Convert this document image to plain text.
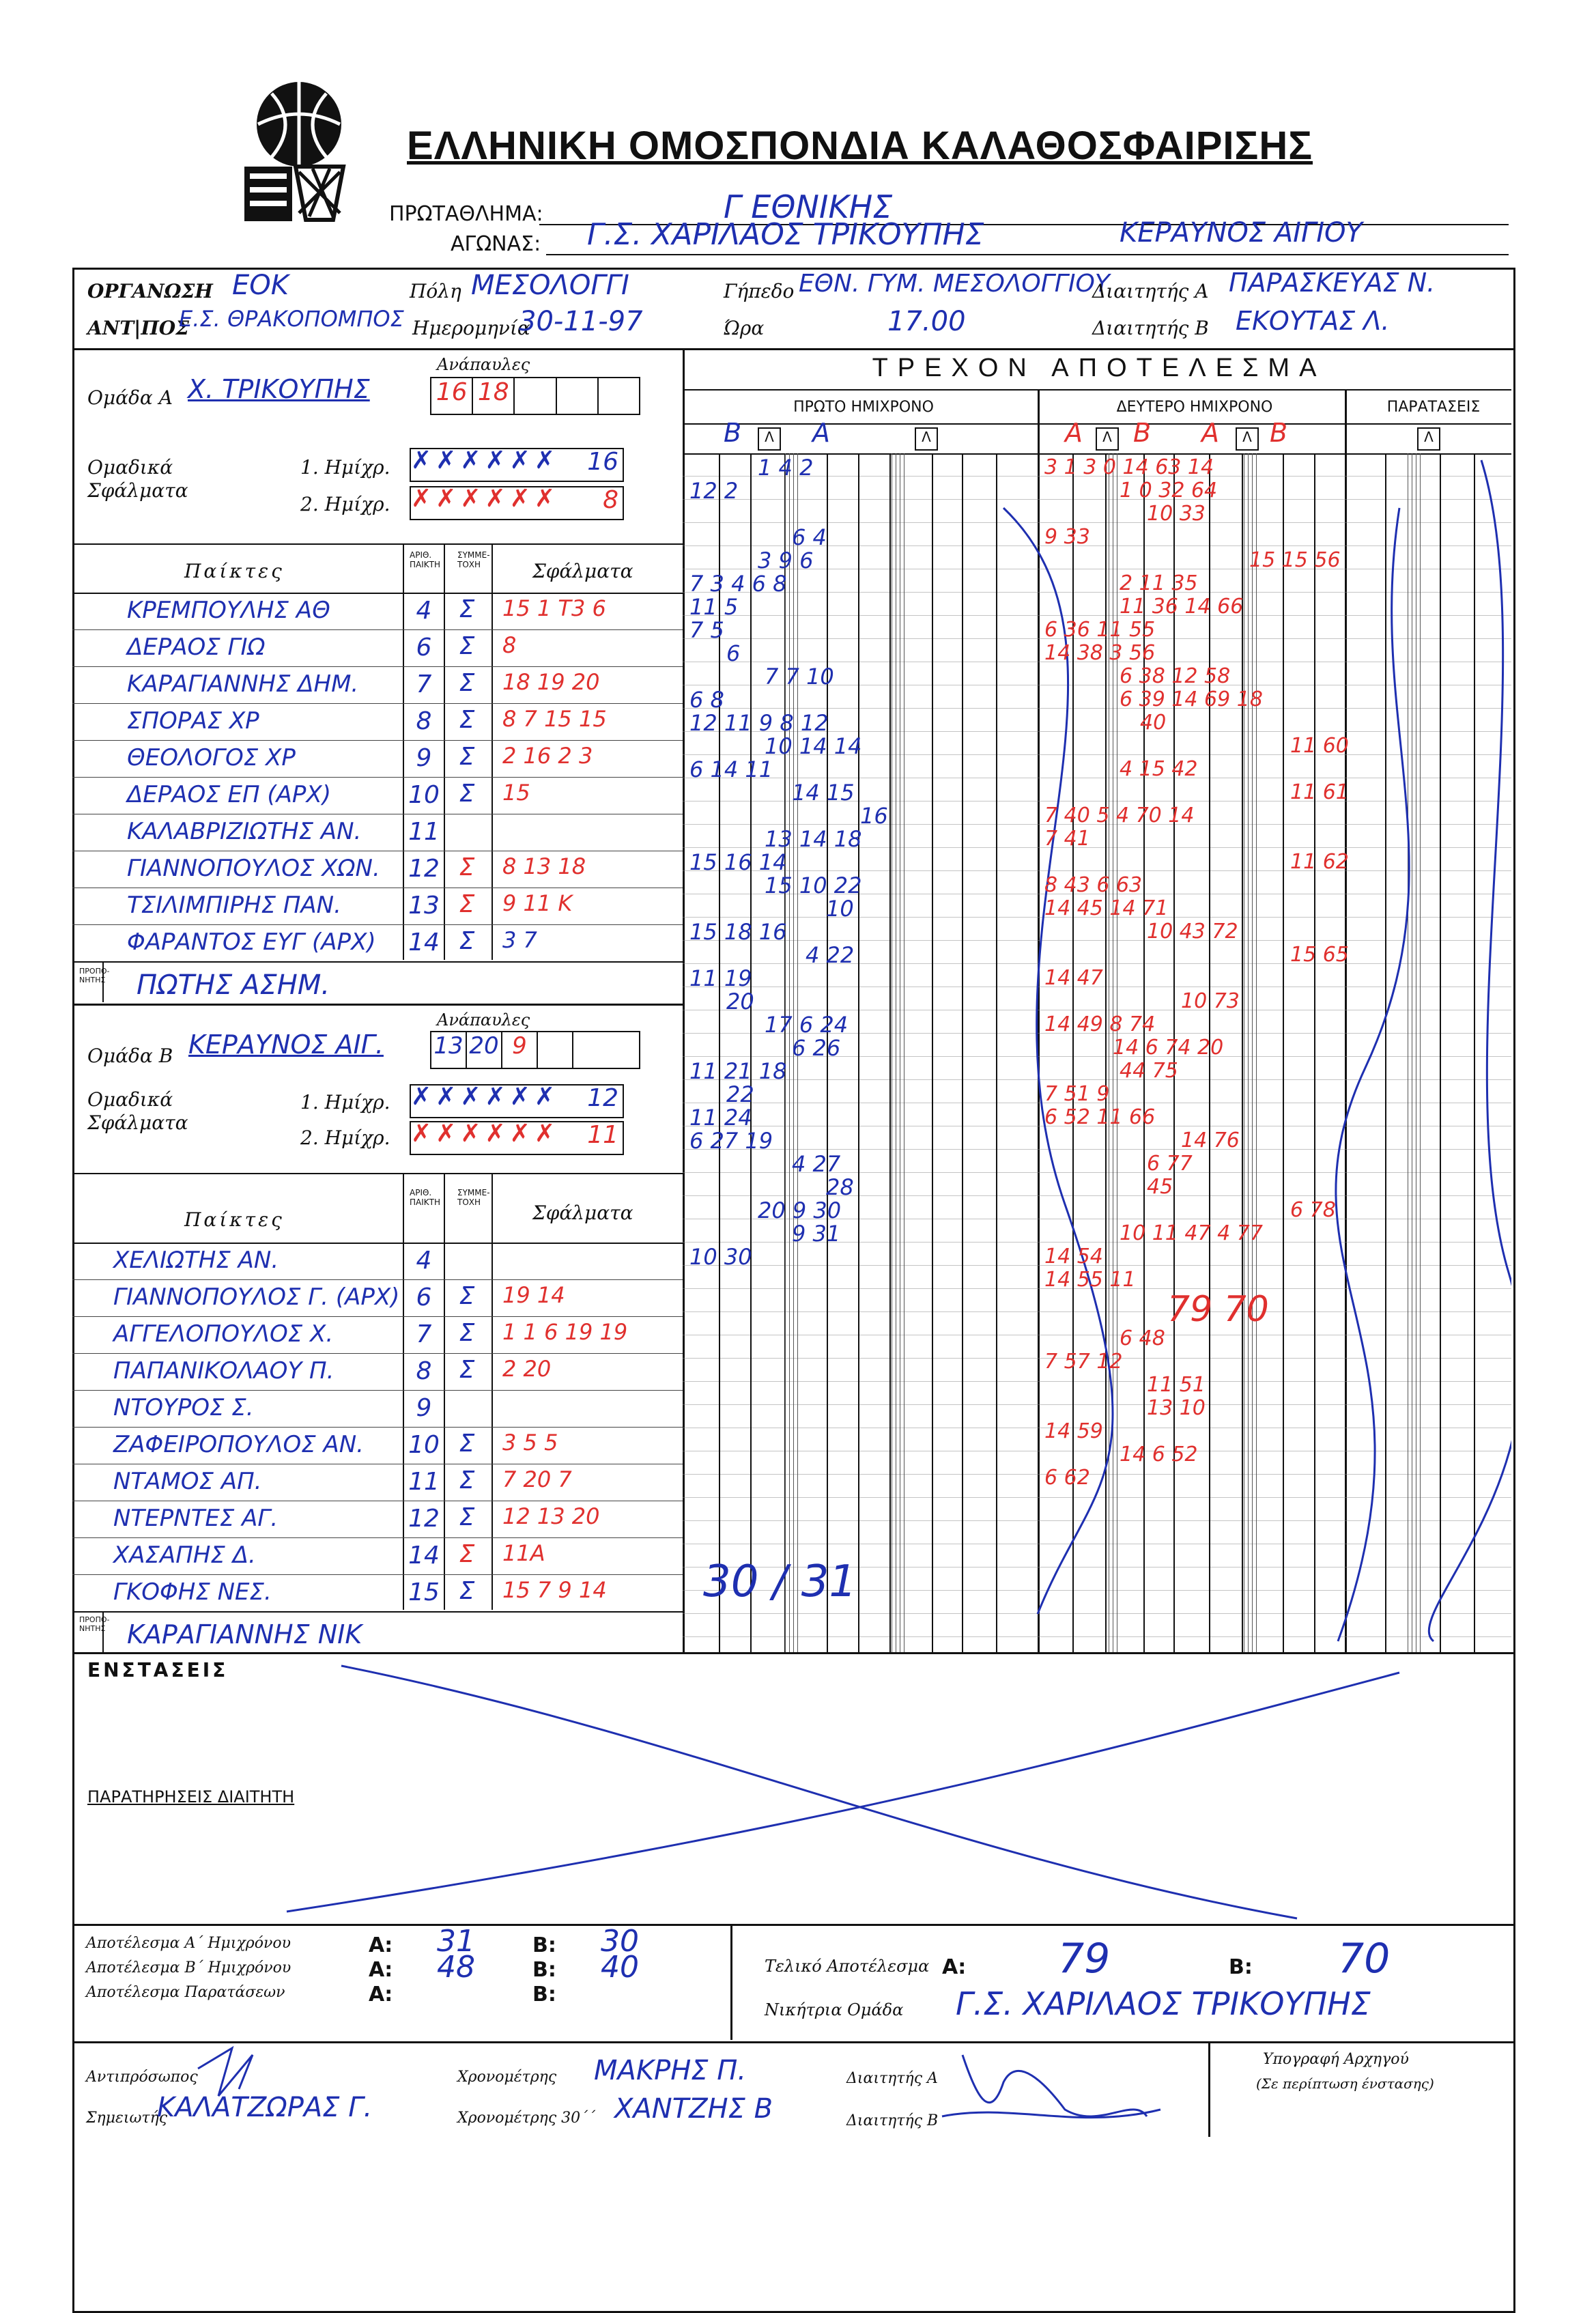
ΕΛΛΗΝΙΚΗ ΟΜΟΣΠΟΝΔΙΑ ΚΑΛΑΘΟΣΦΑΙΡΙΣΗΣ
ΠΡΩΤΑΘΛΗΜΑ:	Γ ΕΘΝΙΚΗΣ
ΑΓΩΝΑΣ: Γ.Σ. ΧΑΡΙΛΑΟΣ ΤΡΙΚΟΥΠΗΣ	ΚΕΡΑΥΝΟΣ ΑΙΓΙΟΥ
ΟΡΓΑΝΩΣΗ ΕΟΚ	Πόλη ΜΕΣΟΛΟΓΓΙ	Γήπεδο ΕΘΝ. ΓΥΜ. ΜΕΣΟΛΟΓΓΙΟΥ
Διαιτητής Α ΠΑΡΑΣΚΕΥΑΣ Ν.
ΑΝΤ|ΠΟΣ
Ε.Σ. ΘΡΑΚΟΠΟΜΠΟΣ Ημερομηνία
30-11-97	Ώρα	17.00	Διαιτητής Β ΕΚΟΥΤΑΣ Λ.
Ανάπαυλες
Ομάδα Α Χ. ΤΡΙΚΟΥΠΗΣ	16 18
Ομαδικά Σφάλματα
1. Ημίχρ.
2. Ημίχρ.
✗✗✗✗✗✗ 16
✗✗✗✗✗✗ 8
Παίκτες
ΑΡΙΘ. ΠΑΙΚΤΗ
ΣΥΜΜΕ-ΤΟΧΗ	Σφάλματα
ΚΡΕΜΠΟΥΛΗΣ ΑΘ	4	Σ	15 1 T3 6
ΔΕΡΑΟΣ ΓΙΩ	6	Σ	8
ΚΑΡΑΓΙΑΝΝΗΣ ΔΗΜ.	7	Σ	18 19 20
ΣΠΟΡΑΣ ΧΡ	8	Σ	8 7 15 15
ΘΕΟΛΟΓΟΣ ΧΡ	9	Σ	2 16 2 3
ΔΕΡΑΟΣ ΕΠ (ΑΡΧ)	10 Σ	15
ΚΑΛΑΒΡΙΖΙΩΤΗΣ ΑΝ. 11
ΓΙΑΝΝΟΠΟΥΛΟΣ ΧΩΝ. 12 Σ	8 13 18
ΤΣΙΛΙΜΠΙΡΗΣ ΠΑΝ.	13 Σ	9 11 Κ
ΦΑΡΑΝΤΟΣ ΕΥΓ (ΑΡΧ) 14 Σ	3 7
ΠΡΟΠΟ-ΝΗΤΗΣ ΠΩΤΗΣ ΑΣΗΜ.
Ανάπαυλες
Ομάδα Β ΚΕΡΑΥΝΟΣ ΑΙΓ. 13 20 9
Ομαδικά Σφάλματα
1. Ημίχρ.
2. Ημίχρ.
✗✗✗✗✗✗ 12
✗✗✗✗✗✗ 11
Παίκτες
ΑΡΙΘ. ΠΑΙΚΤΗ
ΣΥΜΜΕ-ΤΟΧΗ	Σφάλματα
ΧΕΛΙΩΤΗΣ ΑΝ.	4
ΓΙΑΝΝΟΠΟΥΛΟΣ Γ. (ΑΡΧ) 6	Σ	19 14
ΑΓΓΕΛΟΠΟΥΛΟΣ Χ.	7	Σ	1 1 6 19 19
ΠΑΠΑΝΙΚΟΛΑΟΥ Π.	8	Σ	2 20
ΝΤΟΥΡΟΣ Σ.	9
ΖΑΦΕΙΡΟΠΟΥΛΟΣ ΑΝ. 10 Σ	3 5 5
ΝΤΑΜΟΣ ΑΠ.	11 Σ	7 20 7
ΝΤΕΡΝΤΕΣ ΑΓ.	12 Σ	12 13 20
ΧΑΣΑΠΗΣ Δ.	14 Σ	11Α
ΓΚΟΦΗΣ ΝΕΣ.	15 Σ	15 7 9 14
ΠΡΟΠΟ-ΝΗΤΗΣ ΚΑΡΑΓΙΑΝΝΗΣ ΝΙΚ
ΤΡΕΧΟΝ ΑΠΟΤΕΛΕΣΜΑ
ΠΡΩΤΟ ΗΜΙΧΡΟΝΟ	ΔΕΥΤΕΡΟ ΗΜΙΧΡΟΝΟ	ΠΑΡΑΤΑΣΕΙΣ
Β	Λ Α	Λ	Α	Λ Β Α	Λ Β	Λ
1 4 2
12 2
6 4
3 9 6
7 3 4 6 8
11 5
7 5
6
7 7 10
6 8
12 11 9 8 12
10 14 14
6 14 11
14 15
16
13 14 18
15 16 14
15 10 22
10
15 18 16
4 22
11 19
20
17 6 24
6 26
11 21 18
22
11 24
6 27 19
4 27
28
20 9 30
9 31
10 30
30 / 31
3 1 3 0 14 63 14
1 0 32 64
10 33
9 33
15 15 56
2 11 35
11 36 14 66
6 36 11 55
14 38 3 56
6 38 12 58
6 39 14 69 18
40
11 60
4 15 42
11 61
7 40 5 4 70 14
7 41
11 62
8 43 6 63
14 45 14 71
10 43 72
15 65
14 47
10 73
14 49 8 74
14 6 74 20
44 75
7 51 9
6 52 11 66
14 76
6 77
45
6 78
10 11 47 4 77
14 54
14 55 11
79 70
6 48
7 57 12
11 51
13 10
14 59
14 6 52
6 62
ΕΝΣΤΑΣΕΙΣ
ΠΑΡΑΤΗΡΗΣΕΙΣ ΔΙΑΙΤΗΤΗ
Αποτέλεσμα Α΄ Ημιχρόνου
Αποτέλεσμα Β΄ Ημιχρόνου
Αποτέλεσμα Παρατάσεων
Α: 31	Β: 30
Α: 48	Β: 40
Α:	Β:
Τελικό Αποτέλεσμα Α: 79	Β: 70
Νικήτρια Ομάδα Γ.Σ. ΧΑΡΙΛΑΟΣ ΤΡΙΚΟΥΠΗΣ
Αντιπρόσωπος
Σημειωτής
ΚΑΛΑΤΖΩΡΑΣ Γ.
Χρονομέτρης ΜΑΚΡΗΣ Π.
Χρονομέτρης 30΄΄ ΧΑΝΤΖΗΣ Β
Διαιτητής Α
Διαιτητής Β
Υπογραφή Αρχηγού
(Σε περίπτωση ένστασης)
